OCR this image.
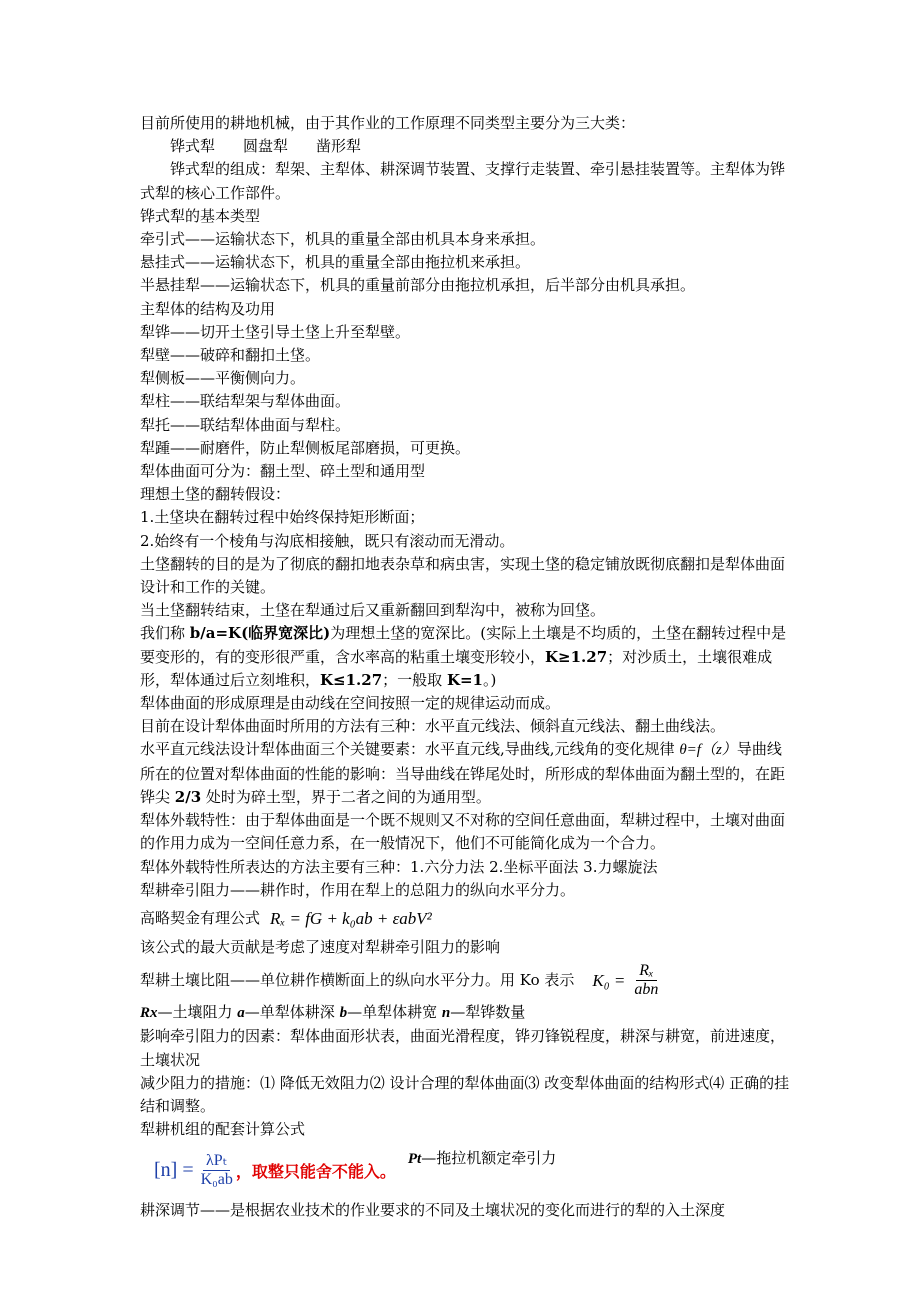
目前所使用的耕地机械，由于其作业的工作原理不同类型主要分为三大类：
铧式犁 圆盘犁 凿形犁
铧式犁的组成：犁架、主犁体、耕深调节装置、支撑行走装置、牵引悬挂装置等。主犁体为铧式犁的核心工作部件。
铧式犁的基本类型
牵引式——运输状态下，机具的重量全部由机具本身来承担。
悬挂式——运输状态下，机具的重量全部由拖拉机来承担。
半悬挂犁——运输状态下，机具的重量前部分由拖拉机承担，后半部分由机具承担。
主犁体的结构及功用
犁铧——切开土垡引导土垡上升至犁壁。
犁壁——破碎和翻扣土垡。
犁侧板——平衡侧向力。
犁柱——联结犁架与犁体曲面。
犁托——联结犁体曲面与犁柱。
犁踵——耐磨件，防止犁侧板尾部磨损，可更换。
犁体曲面可分为：翻土型、碎土型和通用型
理想土垡的翻转假设：
1.土垡块在翻转过程中始终保持矩形断面；
2.始终有一个棱角与沟底相接触，既只有滚动而无滑动。
土垡翻转的目的是为了彻底的翻扣地表杂草和病虫害，实现土垡的稳定铺放既彻底翻扣是犁体曲面设计和工作的关键。
当土垡翻转结束，土垡在犁通过后又重新翻回到犁沟中，被称为回垡。
我们称 b/a=K(临界宽深比)为理想土垡的宽深比。(实际上土壤是不均质的，土垡在翻转过程中是要变形的，有的变形很严重，含水率高的粘重土壤变形较小，K≥1.27；对沙质土，土壤很难成形，犁体通过后立刻堆积，K≤1.27；一般取 K=1。)
犁体曲面的形成原理是由动线在空间按照一定的规律运动而成。
目前在设计犁体曲面时所用的方法有三种：水平直元线法、倾斜直元线法、翻土曲线法。
水平直元线法设计犁体曲面三个关键要素：水平直元线,导曲线,元线角的变化规律 θ=f（z）导曲线所在的位置对犁体曲面的性能的影响：当导曲线在铧尾处时，所形成的犁体曲面为翻土型的，在距铧尖 2/3 处时为碎土型，界于二者之间的为通用型。
犁体外载特性：由于犁体曲面是一个既不规则又不对称的空间任意曲面，犁耕过程中，土壤对曲面的作用力成为一空间任意力系，在一般情况下，他们不可能简化成为一个合力。
犁体外载特性所表达的方法主要有三种：1.六分力法 2.坐标平面法 3.力螺旋法
犁耕牵引阻力——耕作时，作用在犁上的总阻力的纵向水平分力。
高略契金有理公式 Rₓ = fG + k₀ab + εabV²
该公式的最大贡献是考虑了速度对犁耕牵引阻力的影响
犁耕土壤比阻——单位耕作横断面上的纵向水平分力。用 Ko 表示 $K_0 = \frac{\text{Rₓ}}{\text{abn}}$
Rx—土壤阻力 a—单犁体耕深 b—单犁体耕宽 n—犁铧数量
影响牵引阻力的因素：犁体曲面形状表，曲面光滑程度，铧刃锋锐程度，耕深与耕宽，前进速度，土壤状况
减少阻力的措施：⑴ 降低无效阻力⑵ 设计合理的犁体曲面⑶ 改变犁体曲面的结构形式⑷ 正确的挂结和调整。
犁耕机组的配套计算公式
$[n] = \frac{\text{λPₜ}}{\text{K₀ab}}$ ，取整只能舍不能入。
Pt—拖拉机额定牵引力
耕深调节——是根据农业技术的作业要求的不同及土壤状况的变化而进行的犁的入土深度
